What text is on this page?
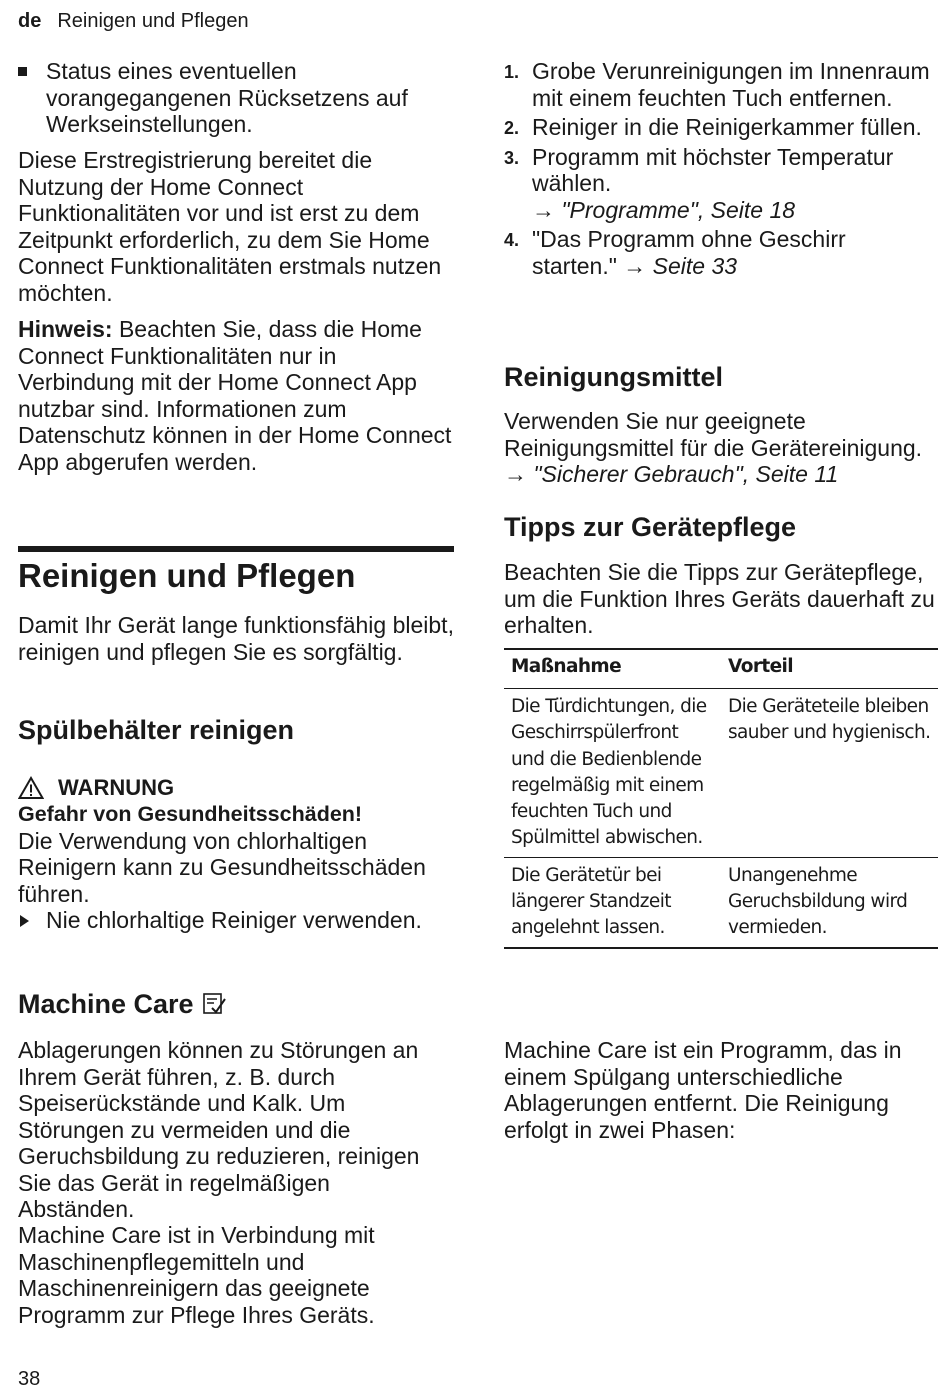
de Reinigen und Pflegen

Status eines eventuellen vorangegangenen Rücksetzens auf Werkseinstellungen.

Diese Erstregistrierung bereitet die Nutzung der Home Connect Funktionalitäten vor und ist erst zu dem Zeitpunkt erforderlich, zu dem Sie Home Connect Funktionalitäten erstmals nutzen möchten.

Hinweis: Beachten Sie, dass die Home Connect Funktionalitäten nur in Verbindung mit der Home Connect App nutzbar sind. Informationen zum Datenschutz können in der Home Connect App abgerufen werden.

Reinigen und Pflegen

Damit Ihr Gerät lange funktionsfähig bleibt, reinigen und pflegen Sie es sorgfältig.

Spülbehälter reinigen
WARNUNG

Gefahr von Gesundheitsschäden!

Die Verwendung von chlorhaltigen Reinigern kann zu Gesundheitsschäden führen.

Nie chlorhaltige Reiniger verwenden.

Machine Care

Ablagerungen können zu Störungen an Ihrem Gerät führen, z. B. durch Speiserückstände und Kalk. Um Störungen zu vermeiden und die Geruchsbildung zu reduzieren, reinigen Sie das Gerät in regelmäßigen Abständen.

Machine Care ist in Verbindung mit Maschinenpflegemitteln und Maschinenreinigern das geeignete Programm zur Pflege Ihres Geräts.

1. Grobe Verunreinigungen im Innenraum mit einem feuchten Tuch entfernen.
2. Reiniger in die Reinigerkammer füllen.
3. Programm mit höchster Temperatur wählen.
→ "Programme", Seite 18
4. "Das Programm ohne Geschirr starten." → Seite 33
Reinigungsmittel

Verwenden Sie nur geeignete Reinigungsmittel für die Gerätereinigung.
→ "Sicherer Gebrauch", Seite 11

Tipps zur Gerätepflege

Beachten Sie die Tipps zur Gerätepflege, um die Funktion Ihres Geräts dauerhaft zu erhalten.

Maßnahme	Vorteil
Die Türdichtungen, die Geschirrspülerfront und die Bedienblende regelmäßig mit einem feuchten Tuch und Spülmittel abwischen.	Die Geräteteile bleiben sauber und hygienisch.
Die Gerätetür bei längerer Standzeit angelehnt lassen.	Unangenehme Geruchsbildung wird vermieden.

Machine Care ist ein Programm, das in einem Spülgang unterschiedliche Ablagerungen entfernt. Die Reinigung erfolgt in zwei Phasen:

38
